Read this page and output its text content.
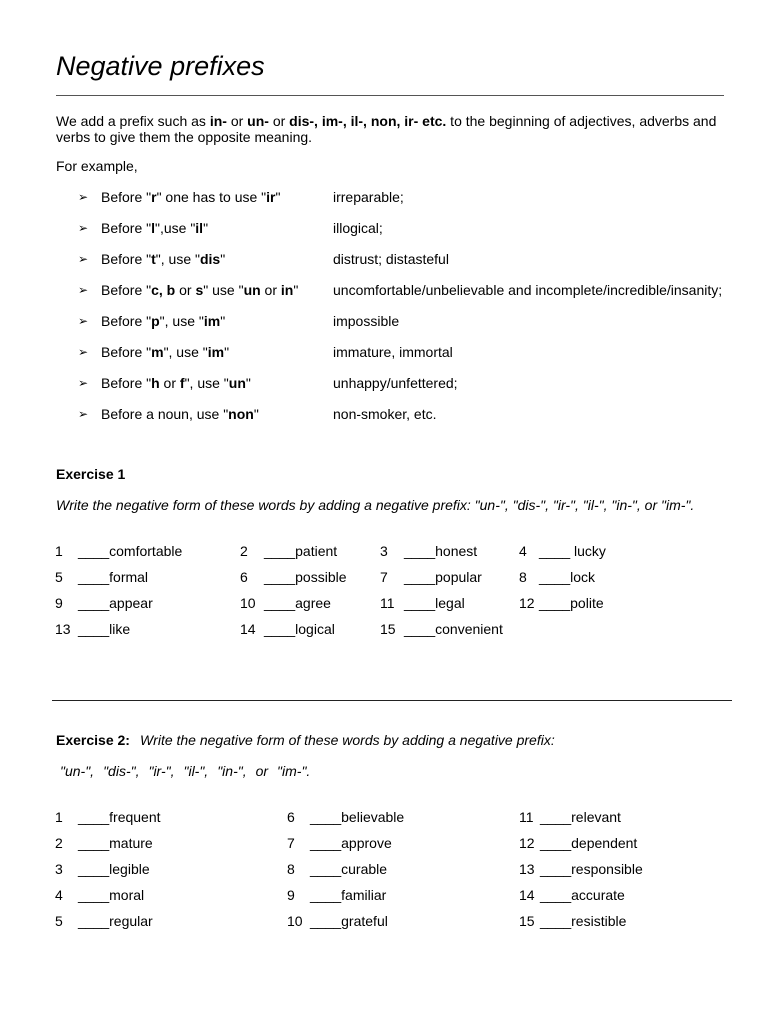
Negative prefixes
We add a prefix such as in- or un- or dis-, im-, il-, non, ir- etc. to the beginning of adjectives, adverbs and verbs to give them the opposite meaning.
For example,
➢ Before "r" one has to use "ir"	irreparable;
➢ Before "l",use "il"	illogical;
➢ Before "t", use "dis"	distrust; distasteful
➢ Before "c, b or s" use "un or in" uncomfortable/unbelievable and incomplete/incredible/insanity;
➢ Before "p", use "im"	impossible
➢ Before "m", use "im"	immature, immortal
➢ Before "h or f", use "un"	unhappy/unfettered;
➢ Before a noun, use "non"	non-smoker, etc.
Exercise 1
Write the negative form of these words by adding a negative prefix: "un-", "dis-", "ir-", "il-", "in-", or "im-".
1 ____comfortable	2 ____patient	3 ____honest	4 ____ lucky
5 ____formal	6 ____possible 7 ____popular	8 ____lock
9 ____appear	10 ____agree	11 ____legal	12 ____polite
13 ____like	14 ____logical	15 ____convenient
Exercise 2: Write the negative form of these words by adding a negative prefix:
"un-", "dis-", "ir-", "il-", "in-", or "im-".
1 ____frequent
2 ____mature
3 ____legible
4 ____moral
5 ____regular
6 ____believable
7 ____approve
8 ____curable
9 ____familiar
10 ____grateful
11 ____relevant
12 ____dependent
13 ____responsible
14 ____accurate
15 ____resistible
